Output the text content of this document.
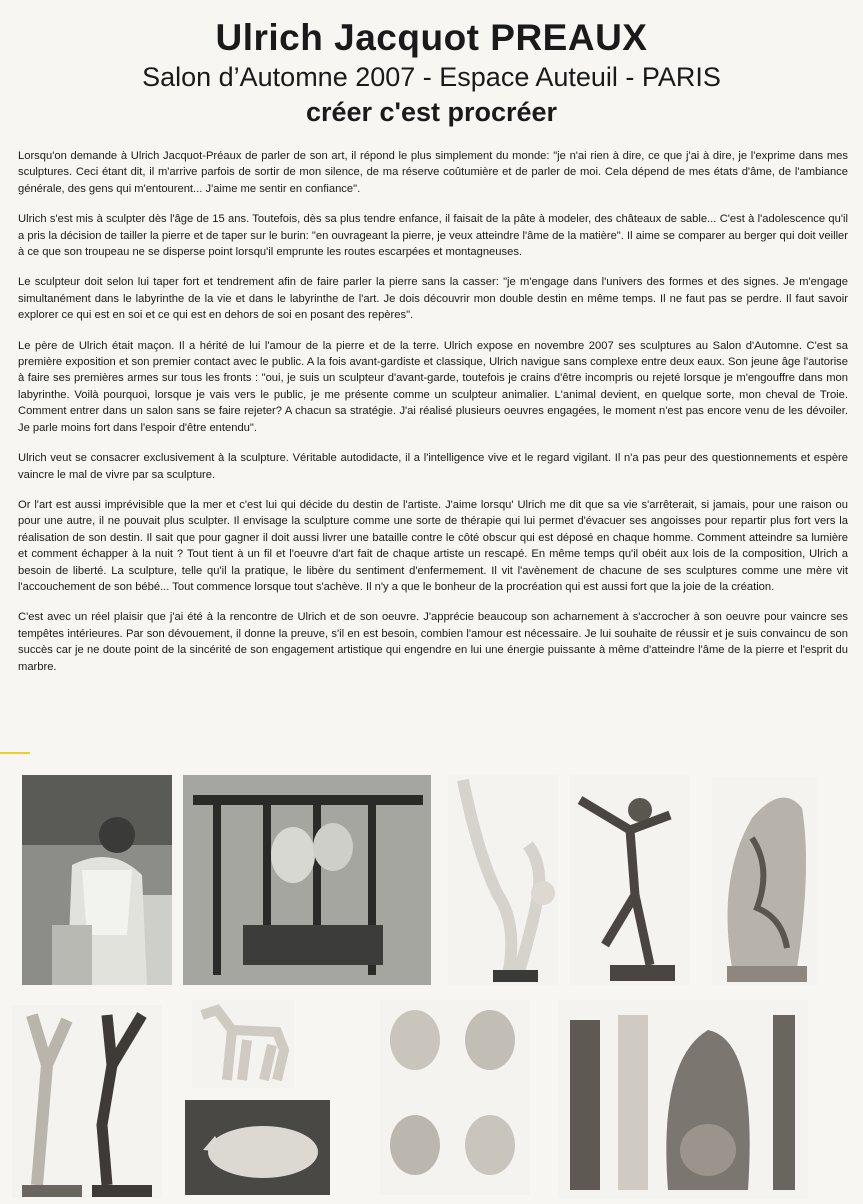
Ulrich Jacquot PREAUX
Salon d’Automne 2007 - Espace Auteuil - PARIS
créer c'est procréer

Lorsqu'on demande à Ulrich Jacquot-Préaux de parler de son art, il répond le plus simplement du monde: "je n'ai rien à dire, ce que j'ai à dire, je l'exprime dans mes sculptures. Ceci étant dit, il m'arrive parfois de sortir de mon silence, de ma réserve coûtumière et de parler de moi. Cela dépend de mes états d'âme, de l'ambiance générale, des gens qui m'entourent... J'aime me sentir en confiance".

Ulrich s'est mis à sculpter dès l'âge de 15 ans. Toutefois, dès sa plus tendre enfance, il faisait de la pâte à modeler, des châteaux de sable... C'est à l'adolescence qu'il a pris la décision de tailler la pierre et de taper sur le burin: "en ouvrageant la pierre, je veux atteindre l'âme de la matière". Il aime se comparer au berger qui doit veiller à ce que son troupeau ne se disperse point lorsqu'il emprunte les routes escarpées et montagneuses.

Le sculpteur doit selon lui taper fort et tendrement afin de faire parler la pierre sans la casser: "je m'engage dans l'univers des formes et des signes. Je m'engage simultanément dans le labyrinthe de la vie et dans le labyrinthe de l'art. Je dois découvrir mon double destin en même temps. Il ne faut pas se perdre. Il faut savoir explorer ce qui est en soi et ce qui est en dehors de soi en posant des repères".

Le père de Ulrich était maçon. Il a hérité de lui l'amour de la pierre et de la terre. Ulrich expose en novembre 2007 ses sculptures au Salon d'Automne. C'est sa première exposition et son premier contact avec le public. A la fois avant-gardiste et classique, Ulrich navigue sans complexe entre deux eaux. Son jeune âge l'autorise à faire ses premières armes sur tous les fronts : "oui, je suis un sculpteur d'avant-garde, toutefois je crains d'être incompris ou rejeté lorsque je m'engouffre dans mon labyrinthe. Voilà pourquoi, lorsque je vais vers le public, je me présente comme un sculpteur animalier. L'animal devient, en quelque sorte, mon cheval de Troie. Comment entrer dans un salon sans se faire rejeter? A chacun sa stratégie. J'ai réalisé plusieurs oeuvres engagées, le moment n'est pas encore venu de les dévoiler. Je parle moins fort dans l'espoir d'être entendu".

Ulrich veut se consacrer exclusivement à la sculpture. Véritable autodidacte, il a l'intelligence vive et le regard vigilant. Il n'a pas peur des questionnements et espère vaincre le mal de vivre par sa sculpture.

Or l'art est aussi imprévisible que la mer et c'est lui qui décide du destin de l'artiste. J'aime lorsqu' Ulrich me dit que sa vie s'arrêterait, si jamais, pour une raison ou pour une autre, il ne pouvait plus sculpter. Il envisage la sculpture comme une sorte de thérapie qui lui permet d'évacuer ses angoisses pour repartir plus fort vers la réalisation de son destin. Il sait que pour gagner il doit aussi livrer une bataille contre le côté obscur qui est déposé en chaque homme. Comment atteindre sa lumière et comment échapper à la nuit ? Tout tient à un fil et l'oeuvre d'art fait de chaque artiste un rescapé. En même temps qu'il obéit aux lois de la composition, Ulrich a besoin de liberté. La sculpture, telle qu'il la pratique, le libère du sentiment d'enfermement. Il vit l'avènement de chacune de ses sculptures comme une mère vit l'accouchement de son bébé... Tout commence lorsque tout s'achève. Il n'y a que le bonheur de la procréation qui est aussi fort que la joie de la création.

C'est avec un réel plaisir que j'ai été à la rencontre de Ulrich et de son oeuvre. J'apprécie beaucoup son acharnement à s'accrocher à son oeuvre pour vaincre ses tempêtes intérieures. Par son dévouement, il donne la preuve, s'il en est besoin, combien l'amour est nécessaire. Je lui souhaite de réussir et je suis convaincu de son succès car je ne doute point de la sincérité de son engagement artistique qui engendre en lui une énergie puissante à même d'atteindre l'âme de la pierre et l'esprit du marbre.
